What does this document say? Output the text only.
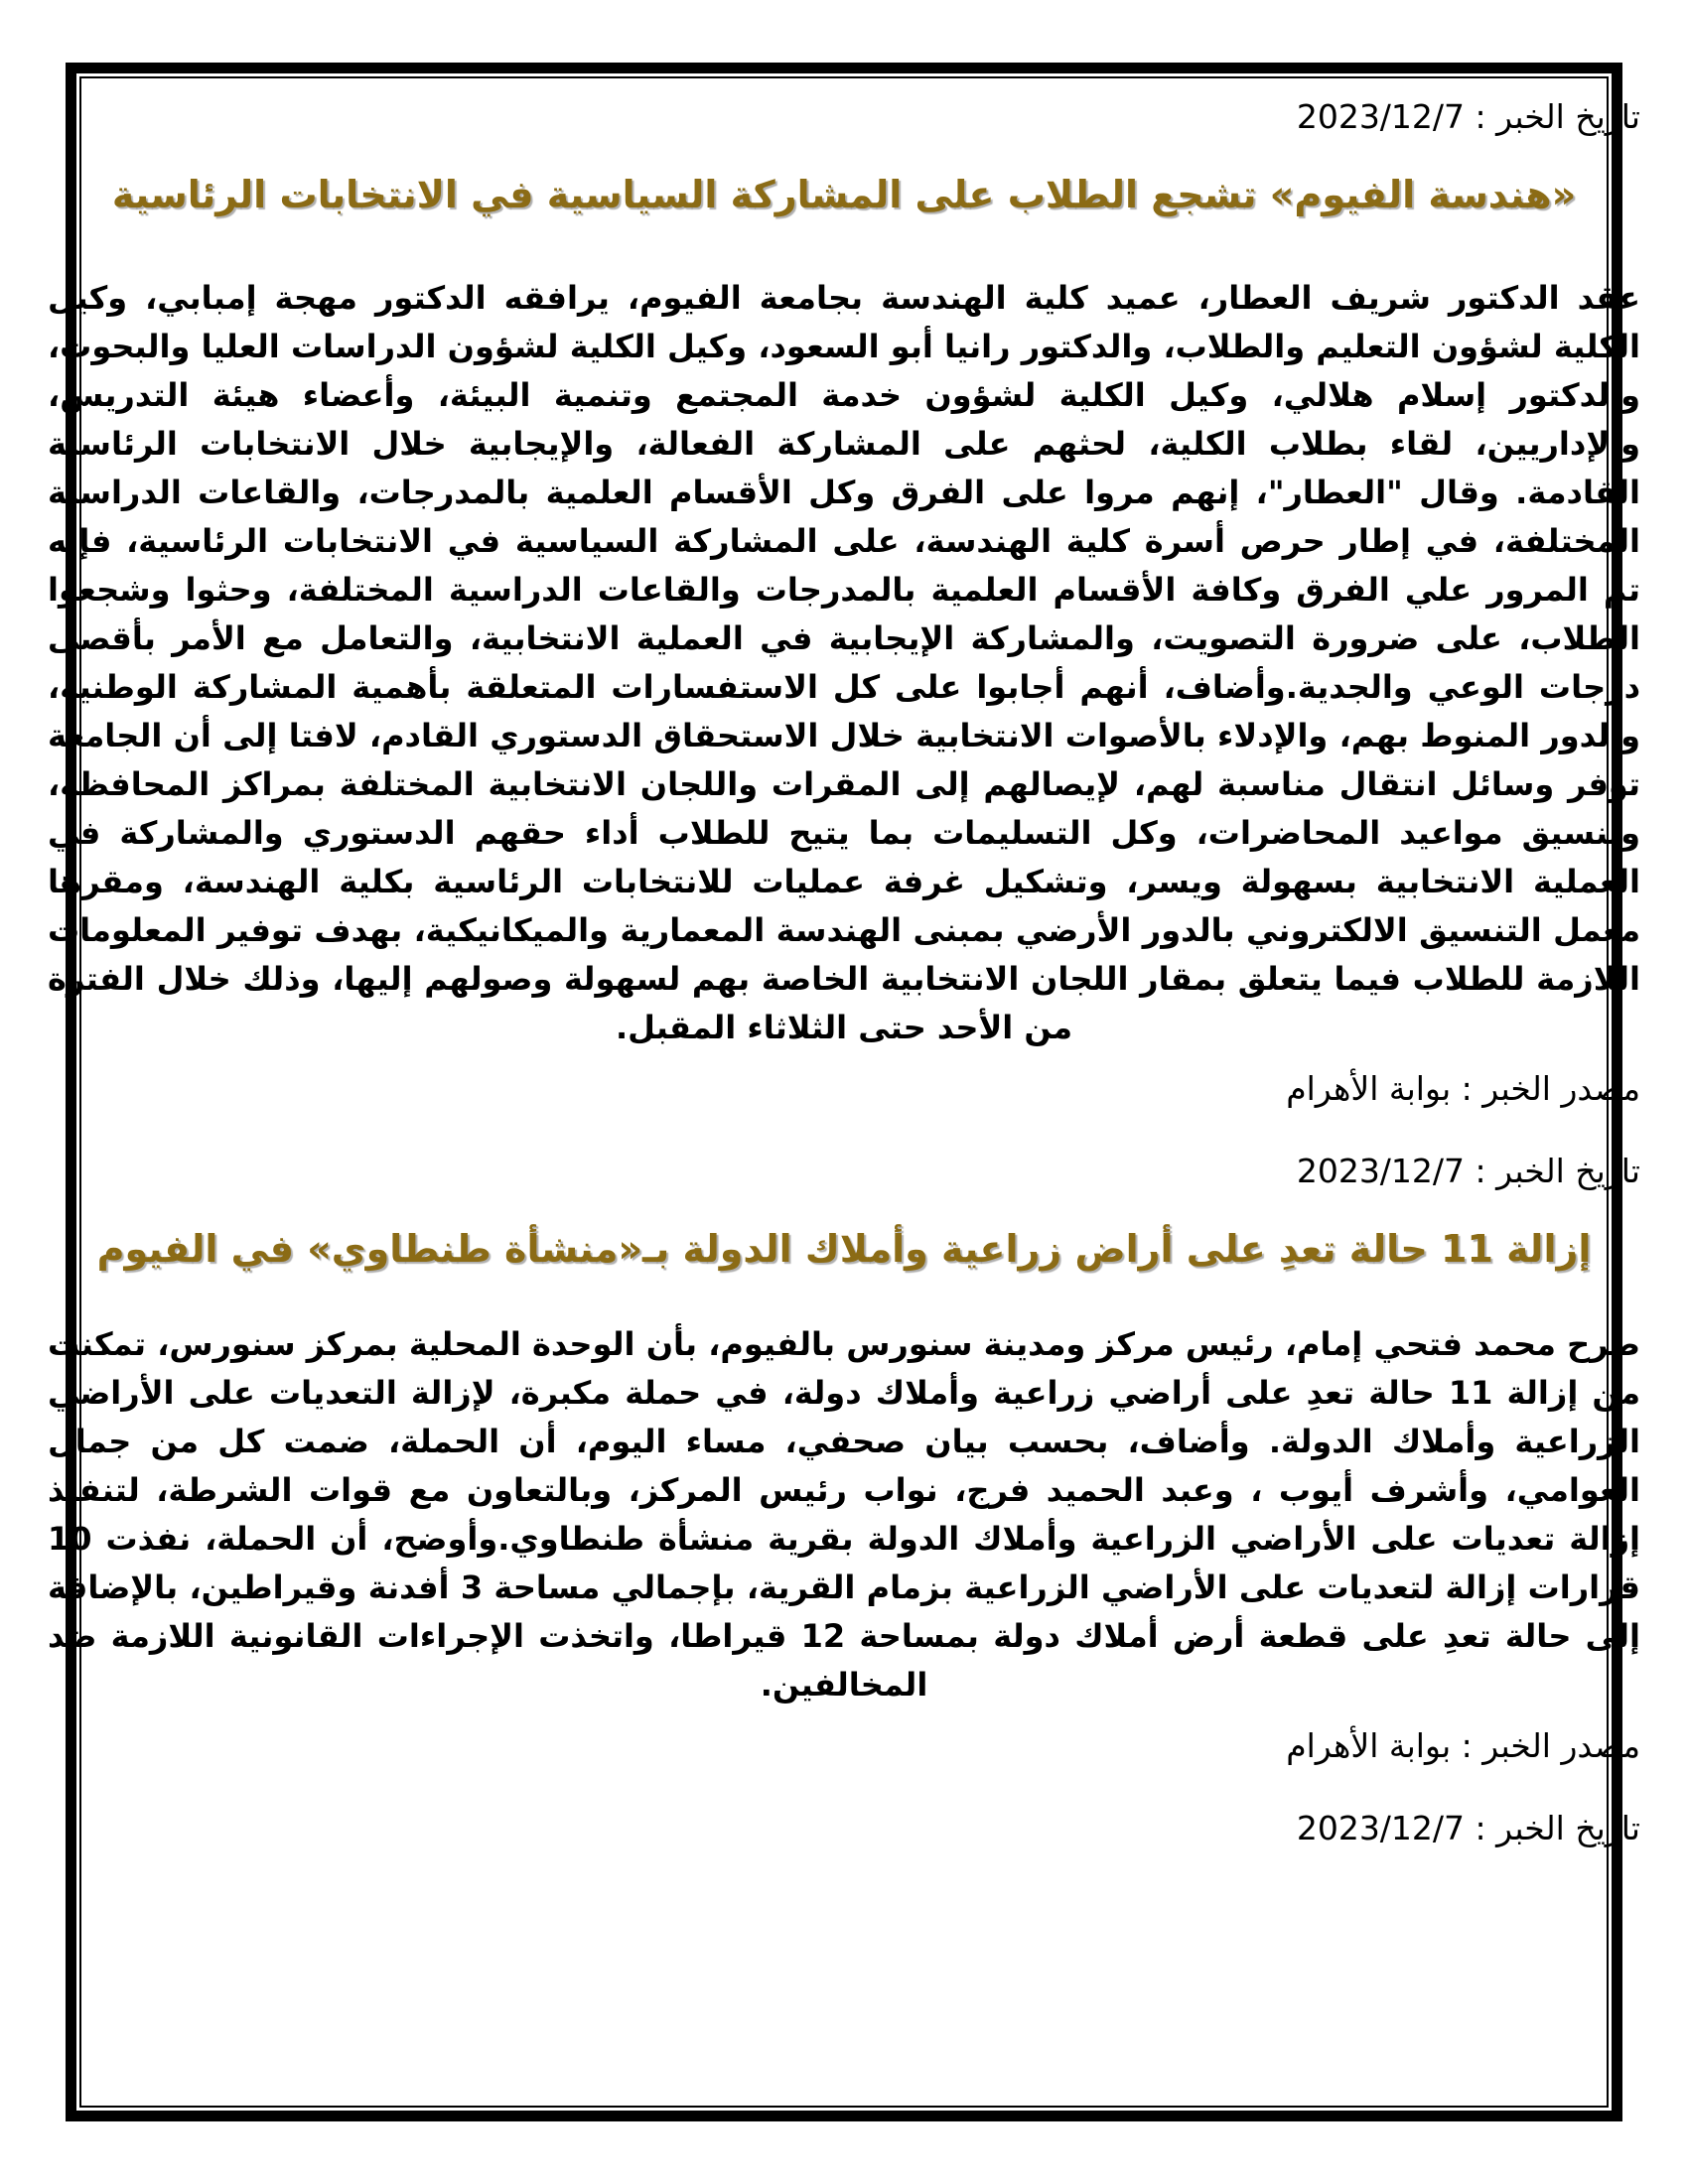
تاريخ الخبر : 2023/12/7

«هندسة الفيوم» تشجع الطلاب على المشاركة السياسية في الانتخابات الرئاسية

عقد الدكتور شريف العطار، عميد كلية الهندسة بجامعة الفيوم، يرافقه الدكتور مهجة إمبابي، وكيل الكلية لشؤون التعليم والطلاب، والدكتور رانيا أبو السعود، وكيل الكلية لشؤون الدراسات العليا والبحوث، والدكتور إسلام هلالي، وكيل الكلية لشؤون خدمة المجتمع وتنمية البيئة، وأعضاء هيئة التدريس، والإداريين، لقاء بطلاب الكلية، لحثهم على المشاركة الفعالة، والإيجابية خلال الانتخابات الرئاسية القادمة. وقال "العطار"، إنهم مروا على الفرق وكل الأقسام العلمية بالمدرجات، والقاعات الدراسية المختلفة، في إطار حرص أسرة كلية الهندسة، على المشاركة السياسية في الانتخابات الرئاسية، فإنه تم المرور علي الفرق وكافة الأقسام العلمية بالمدرجات والقاعات الدراسية المختلفة، وحثوا وشجعوا الطلاب، على ضرورة التصويت، والمشاركة الإيجابية في العملية الانتخابية، والتعامل مع الأمر بأقصى درجات الوعي والجدية.وأضاف، أنهم أجابوا على كل الاستفسارات المتعلقة بأهمية المشاركة الوطنية، والدور المنوط بهم، والإدلاء بالأصوات الانتخابية خلال الاستحقاق الدستوري القادم، لافتا إلى أن الجامعة توفر وسائل انتقال مناسبة لهم، لإيصالهم إلى المقرات واللجان الانتخابية المختلفة بمراكز المحافظة، وتنسيق مواعيد المحاضرات، وكل التسليمات بما يتيح للطلاب أداء حقهم الدستوري والمشاركة في العملية الانتخابية بسهولة ويسر، وتشكيل غرفة عمليات للانتخابات الرئاسية بكلية الهندسة، ومقرها معمل التنسيق الالكتروني بالدور الأرضي بمبنى الهندسة المعمارية والميكانيكية، بهدف توفير المعلومات اللازمة للطلاب فيما يتعلق بمقار اللجان الانتخابية الخاصة بهم لسهولة وصولهم إليها، وذلك خلال الفترة من الأحد حتى الثلاثاء المقبل.

مصدر الخبر : بوابة الأهرام

تاريخ الخبر : 2023/12/7

إزالة 11 حالة تعدِ على أراض زراعية وأملاك الدولة بـ«منشأة طنطاوي» في الفيوم

صرح محمد فتحي إمام، رئيس مركز ومدينة سنورس بالفيوم، بأن الوحدة المحلية بمركز سنورس، تمكنت من إزالة 11 حالة تعدِ على أراضي زراعية وأملاك دولة، في حملة مكبرة، لإزالة التعديات على الأراضي الزراعية وأملاك الدولة. وأضاف، بحسب بيان صحفي، مساء اليوم، أن الحملة، ضمت كل من جمال العوامي، وأشرف أيوب ، وعبد الحميد فرج، نواب رئيس المركز، وبالتعاون مع قوات الشرطة، لتنفيذ إزالة تعديات على الأراضي الزراعية وأملاك الدولة بقرية منشأة طنطاوي.وأوضح، أن الحملة، نفذت 10 قرارات إزالة لتعديات على الأراضي الزراعية بزمام القرية، بإجمالي مساحة 3 أفدنة وقيراطين، بالإضافة إلى حالة تعدِ على قطعة أرض أملاك دولة بمساحة 12 قيراطا، واتخذت الإجراءات القانونية اللازمة ضد المخالفين.

مصدر الخبر : بوابة الأهرام

تاريخ الخبر : 2023/12/7
